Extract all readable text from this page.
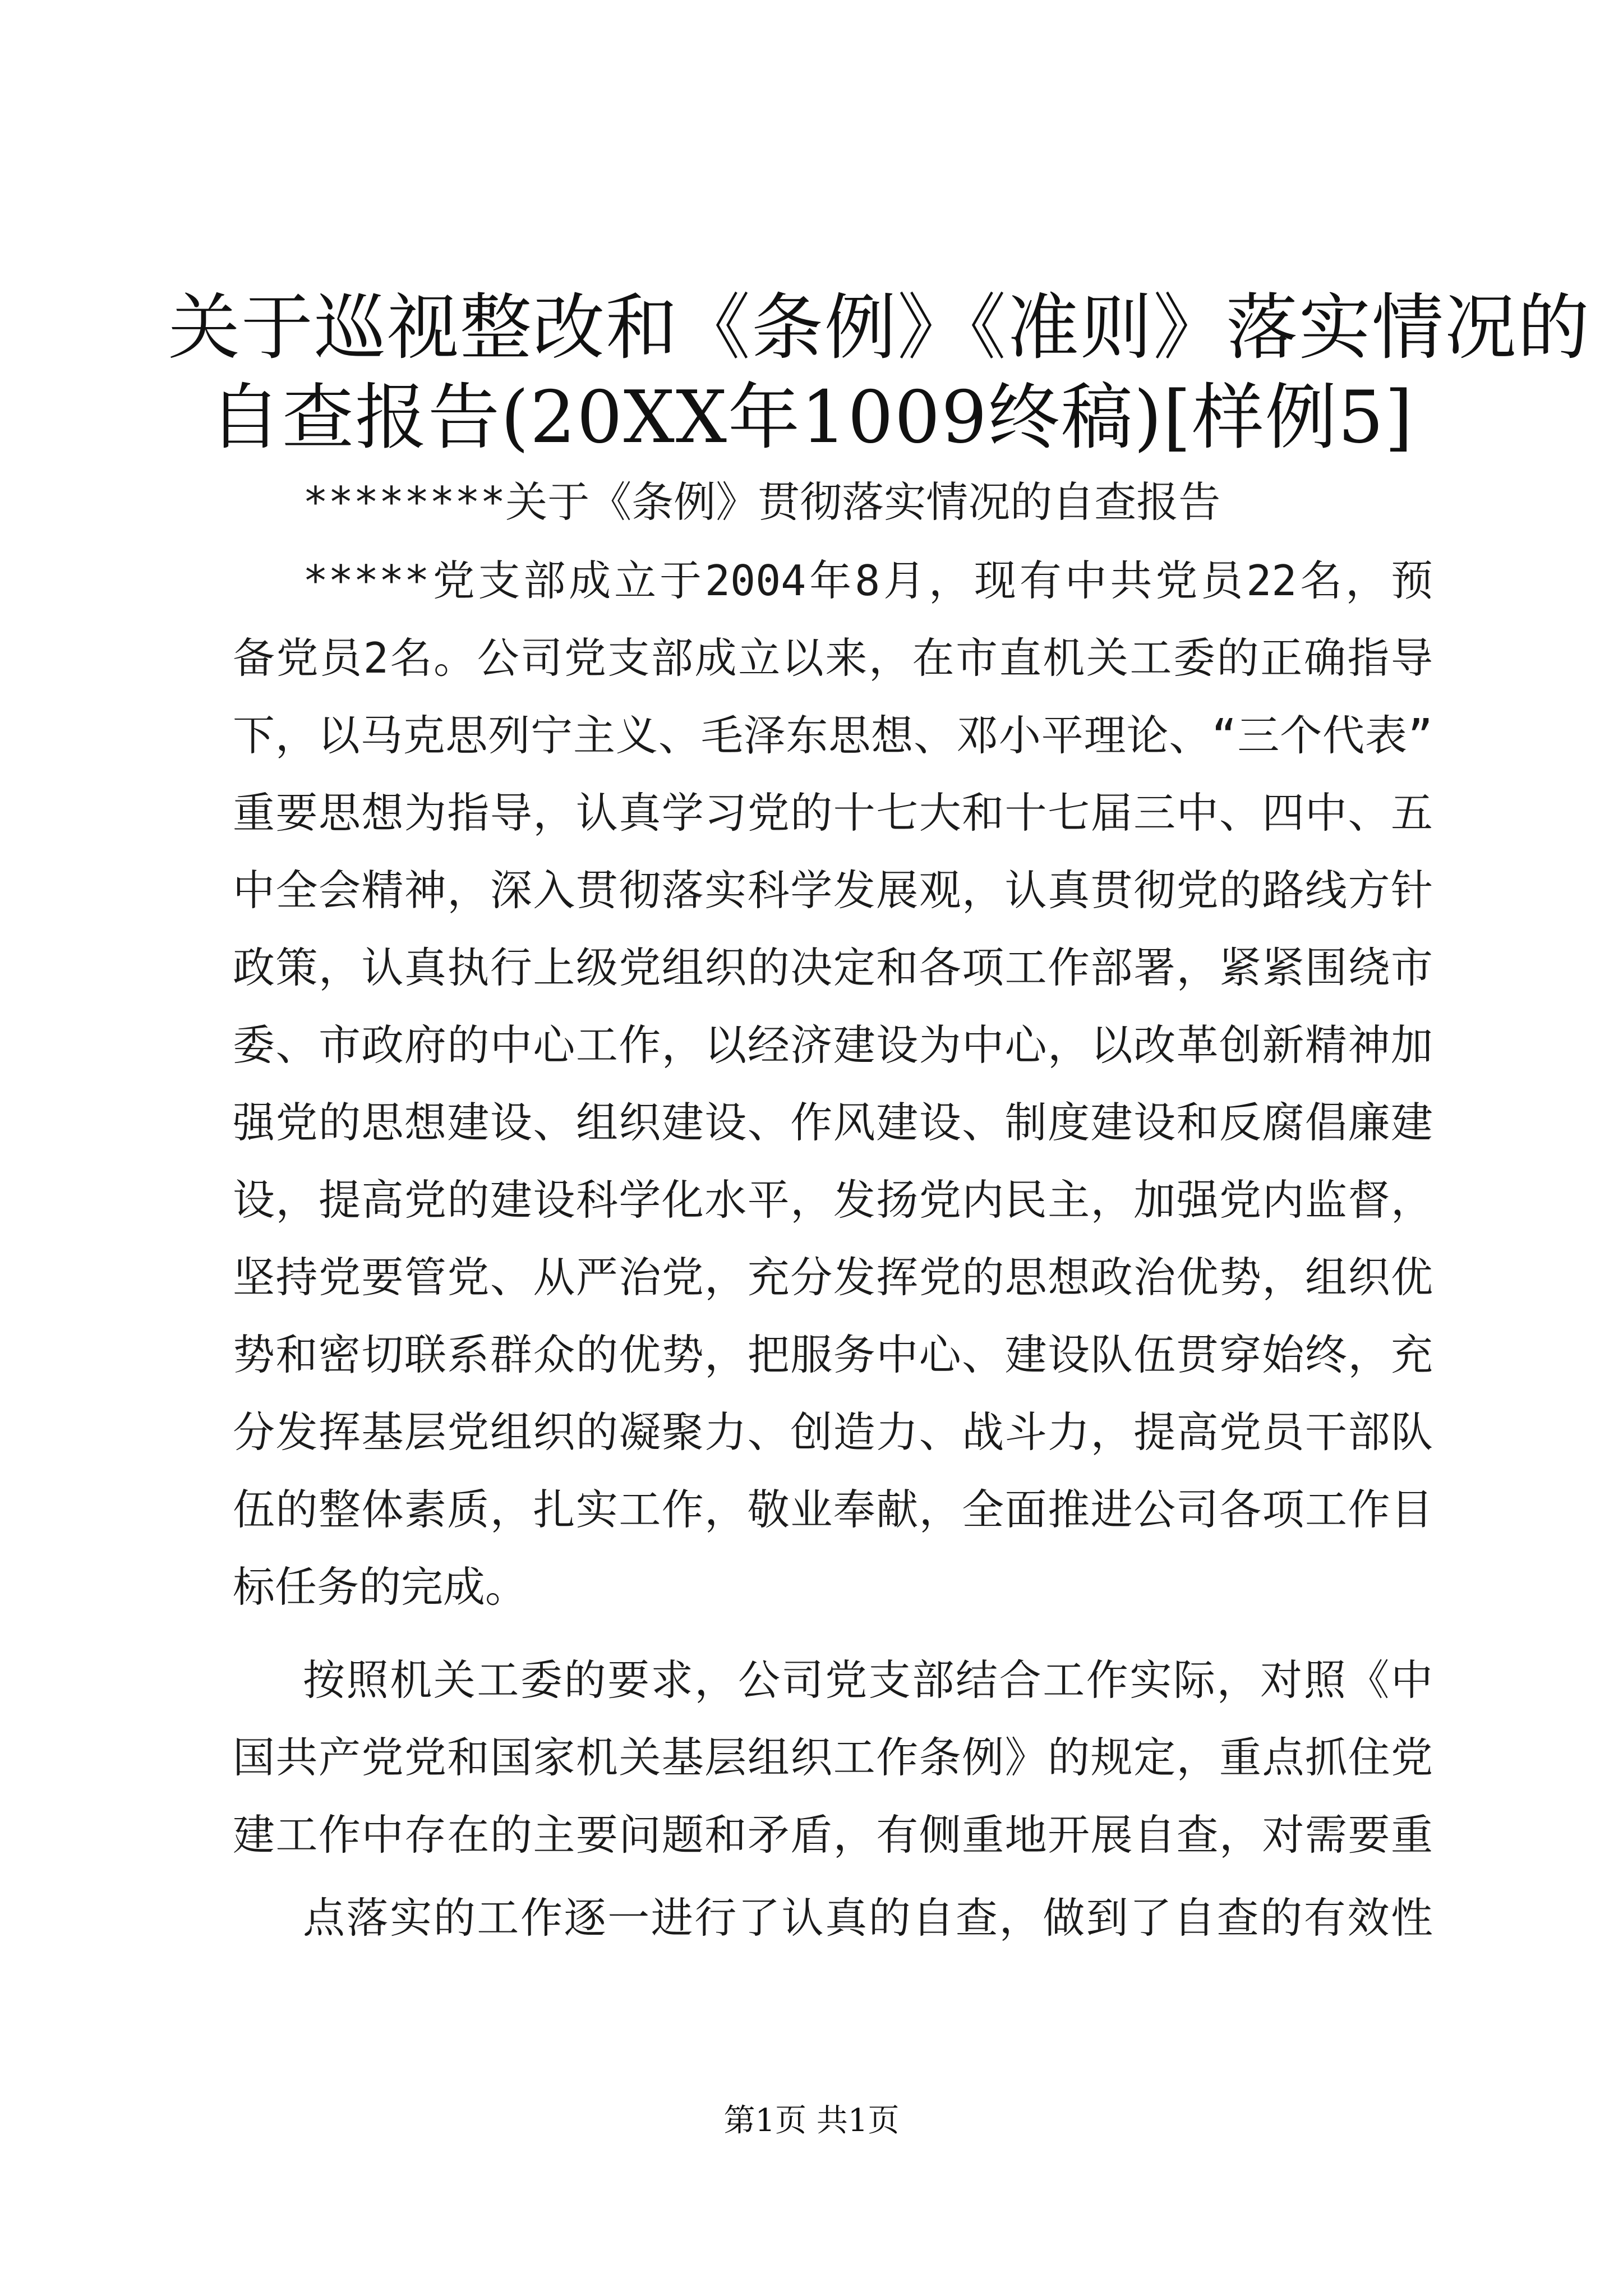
关于巡视整改和《条例》《准则》落实情况的
自查报告(20XX年1009终稿)[样例5]
********关于《条例》贯彻落实情况的自查报告
*****党支部成立于2004年8月，现有中共党员22名，预
备党员2名。公司党支部成立以来，在市直机关工委的正确指导
下，以马克思列宁主义、毛泽东思想、邓小平理论、“三个代表”
重要思想为指导，认真学习党的十七大和十七届三中、四中、五
中全会精神，深入贯彻落实科学发展观，认真贯彻党的路线方针
政策，认真执行上级党组织的决定和各项工作部署，紧紧围绕市
委、市政府的中心工作，以经济建设为中心，以改革创新精神加
强党的思想建设、组织建设、作风建设、制度建设和反腐倡廉建
设，提高党的建设科学化水平，发扬党内民主，加强党内监督，
坚持党要管党、从严治党，充分发挥党的思想政治优势，组织优
势和密切联系群众的优势，把服务中心、建设队伍贯穿始终，充
分发挥基层党组织的凝聚力、创造力、战斗力，提高党员干部队
伍的整体素质，扎实工作，敬业奉献，全面推进公司各项工作目
标任务的完成。
按照机关工委的要求，公司党支部结合工作实际，对照《中
国共产党党和国家机关基层组织工作条例》的规定，重点抓住党
建工作中存在的主要问题和矛盾，有侧重地开展自查，对需要重
点落实的工作逐一进行了认真的自查，做到了自查的有效性
第1页 共1页
